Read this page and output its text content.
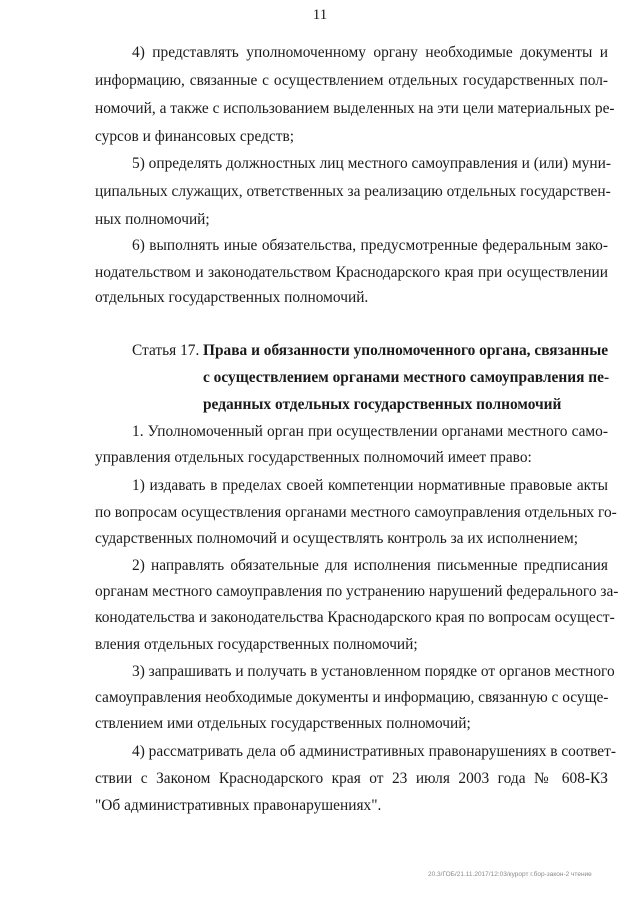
11
4) представлять уполномоченному органу необходимые документы и
информацию, связанные с осуществлением отдельных государственных пол-
номочий, а также с использованием выделенных на эти цели материальных ре-
сурсов и финансовых средств;
5) определять должностных лиц местного самоуправления и (или) муни-
ципальных служащих, ответственных за реализацию отдельных государствен-
ных полномочий;
6) выполнять иные обязательства, предусмотренные федеральным зако-
нодательством и законодательством Краснодарского края при осуществлении
отдельных государственных полномочий.
Статья 17. Права и обязанности уполномоченного органа, связанные
с осуществлением органами местного самоуправления пе-
реданных отдельных государственных полномочий
1. Уполномоченный орган при осуществлении органами местного само-
управления отдельных государственных полномочий имеет право:
1) издавать в пределах своей компетенции нормативные правовые акты
по вопросам осуществления органами местного самоуправления отдельных го-
сударственных полномочий и осуществлять контроль за их исполнением;
2) направлять обязательные для исполнения письменные предписания
органам местного самоуправления по устранению нарушений федерального за-
конодательства и законодательства Краснодарского края по вопросам осущест-
вления отдельных государственных полномочий;
3) запрашивать и получать в установленном порядке от органов местного
самоуправления необходимые документы и информацию, связанную с осуще-
ствлением ими отдельных государственных полномочий;
4) рассматривать дела об административных правонарушениях в соответ-
ствии с Законом Краснодарского края от 23 июля 2003 года № 608-КЗ
"Об административных правонарушениях".
20.3/ГОБ/21.11.2017/12:03/курорт г.бор-закон-2 чтение
